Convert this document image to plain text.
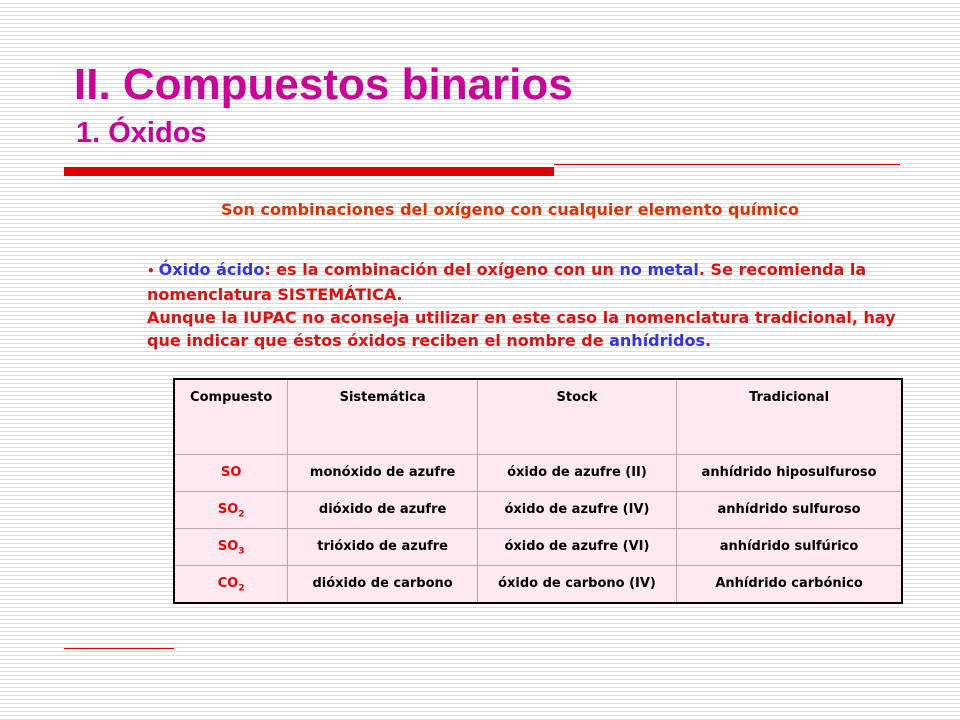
II. Compuestos binarios
1. Óxidos
Son combinaciones del oxígeno con cualquier elemento químico
• Óxido ácido: es la combinación del oxígeno con un no metal. Se recomienda la nomenclatura SISTEMÁTICA.
Aunque la IUPAC no aconseja utilizar en este caso la nomenclatura tradicional, hay que indicar que éstos óxidos reciben el nombre de anhídridos.
Compuesto	Sistemática	Stock	Tradicional
SO	monóxido de azufre	óxido de azufre (II)	anhídrido hiposulfuroso
$SO_2$	dióxido de azufre	óxido de azufre (IV)	anhídrido sulfuroso
$SO_3$	trióxido de azufre	óxido de azufre (VI)	anhídrido sulfúrico
$CO_2$	dióxido de carbono	óxido de carbono (IV)	Anhídrido carbónico
